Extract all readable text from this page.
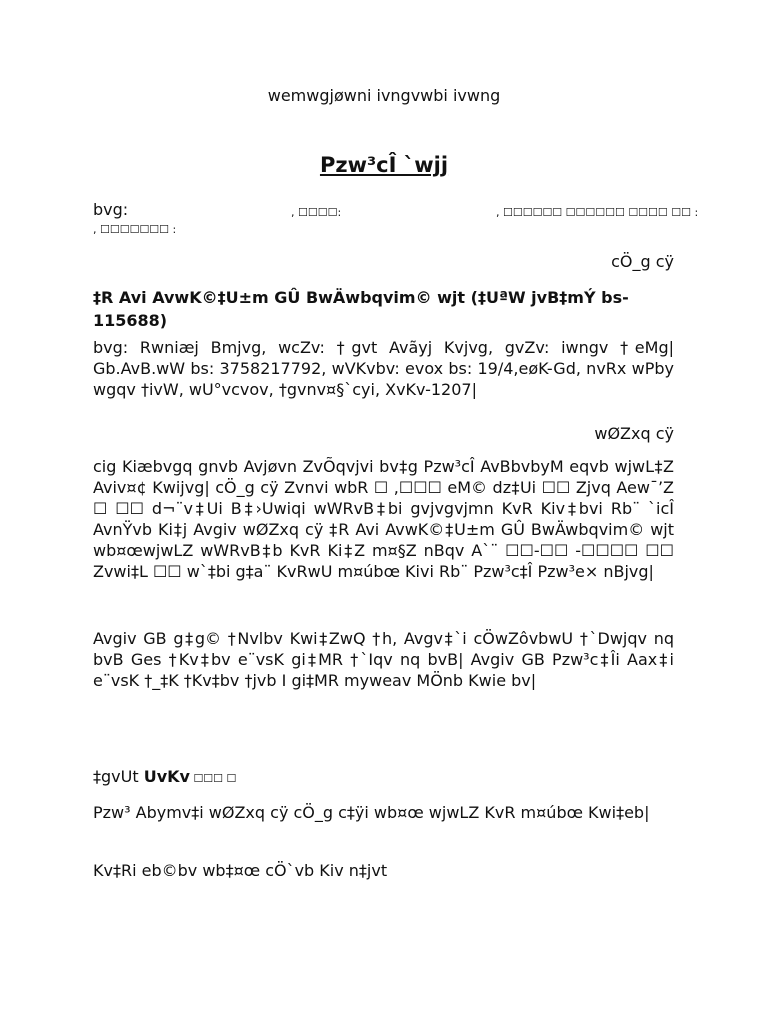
wemwgjøwni ivngvwbi ivwng
Pzw³cÎ `wjj
bvg:	, ☐☐☐☐:	, ☐☐☐☐☐☐ ☐☐☐☐☐☐ ☐☐☐☐ ☐☐ :
, ☐☐☐☐☐☐☐ :
cÖ_g cÿ
‡R Avi AvwK©‡U±m GÛ BwÄwbqvim© wjt (‡UªW jvB‡mÝ bs- 115688)
bvg: Rwniæj Bmjvg, wcZv: †gvt Avãyj Kvjvg, gvZv: iwngv †eMg| Gb.AvB.wW bs: 3758217792, wVKvbv: evox bs: 19/4,eøK-Gd, nvRx wPby wgqv †ivW, wU°vcvov, †gvnv¤§`cyi, XvKv-1207|
wØZxq cÿ
cig Kiæbvgq gnvb Avjøvn ZvÕqvjvi bv‡g Pzw³cÎ AvBbvbyM eqvb wjwL‡Z Aviv¤¢ Kwijvg| cÖ_g cÿ Zvnvi wbR ☐ ,☐☐☐ eM© dz‡Ui ☐☐ Zjvq Aew¯’Z ☐ ☐☐ d¬¨v‡Ui B‡›Uwiqi wWRvB‡bi gvjvgvjmn KvR Kiv‡bvi Rb¨ `icÎ AvnŸvb Ki‡j Avgiv wØZxq cÿ ‡R Avi AvwK©‡U±m GÛ BwÄwbqvim© wjt wb¤œwjwLZ wWRvB‡b KvR Ki‡Z m¤§Z nBqv A`¨ ☐☐-☐☐ -☐☐☐☐ ☐☐ Zvwi‡L ☐☐ w`‡bi g‡a¨ KvRwU m¤úbœ Kivi Rb¨ Pzw³c‡Î Pzw³e× nBjvg|
Avgiv GB g‡g© †Nvlbv Kwi‡ZwQ †h, Avgv‡`i cÖwZôvbwU †`Dwjqv nq bvB Ges †Kv‡bv e¨vsK gi‡MR †`Iqv nq bvB| Avgiv GB Pzw³c‡Îi Aax‡i e¨vsK †_‡K †Kv‡bv †jvb I gi‡MR myweav MÖnb Kwie bv|
‡gvUt UvKv ☐☐☐ ☐
Pzw³ Abymv‡i wØZxq cÿ cÖ_g c‡ÿi wb¤œ wjwLZ KvR m¤úbœ Kwi‡eb|
Kv‡Ri eb©bv wb‡¤œ cÖ`vb Kiv n‡jvt
